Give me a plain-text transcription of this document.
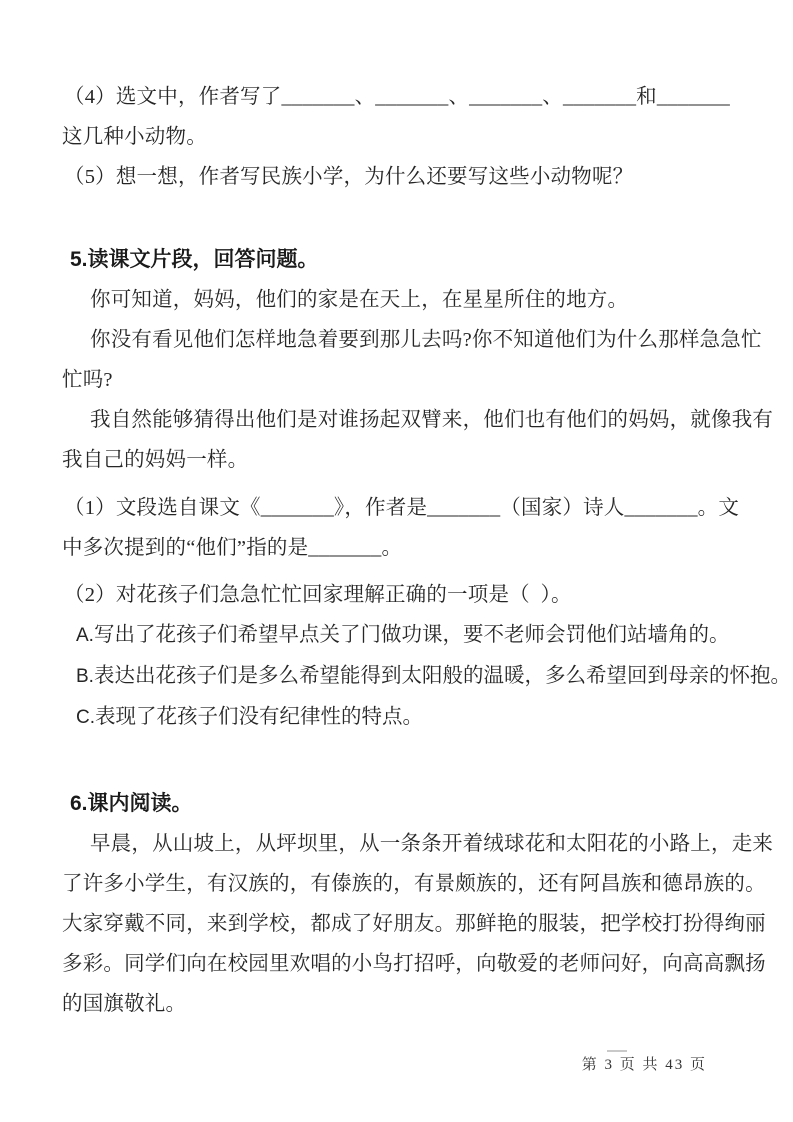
（4）选文中，作者写了_______、_______、_______、_______和_______
这几种小动物。
（5）想一想，作者写民族小学，为什么还要写这些小动物呢？
5.读课文片段，回答问题。
你可知道，妈妈，他们的家是在天上，在星星所住的地方。
你没有看见他们怎样地急着要到那儿去吗?你不知道他们为什么那样急急忙
忙吗?
我自然能够猜得出他们是对谁扬起双臂来，他们也有他们的妈妈，就像我有
我自己的妈妈一样。
（1）文段选自课文《_______》，作者是_______（国家）诗人_______。文
中多次提到的“他们”指的是_______。
（2）对花孩子们急急忙忙回家理解正确的一项是（  ）。
A.写出了花孩子们希望早点关了门做功课，要不老师会罚他们站墙角的。
B.表达出花孩子们是多么希望能得到太阳般的温暖，多么希望回到母亲的怀抱。
C.表现了花孩子们没有纪律性的特点。
6.课内阅读。
早晨，从山坡上，从坪坝里，从一条条开着绒球花和太阳花的小路上，走来
了许多小学生，有汉族的，有傣族的，有景颇族的，还有阿昌族和德昂族的。
大家穿戴不同，来到学校，都成了好朋友。那鲜艳的服装，把学校打扮得绚丽
多彩。同学们向在校园里欢唱的小鸟打招呼，向敬爱的老师问好，向高高飘扬
的国旗敬礼。
第 3 页 共 43 页
